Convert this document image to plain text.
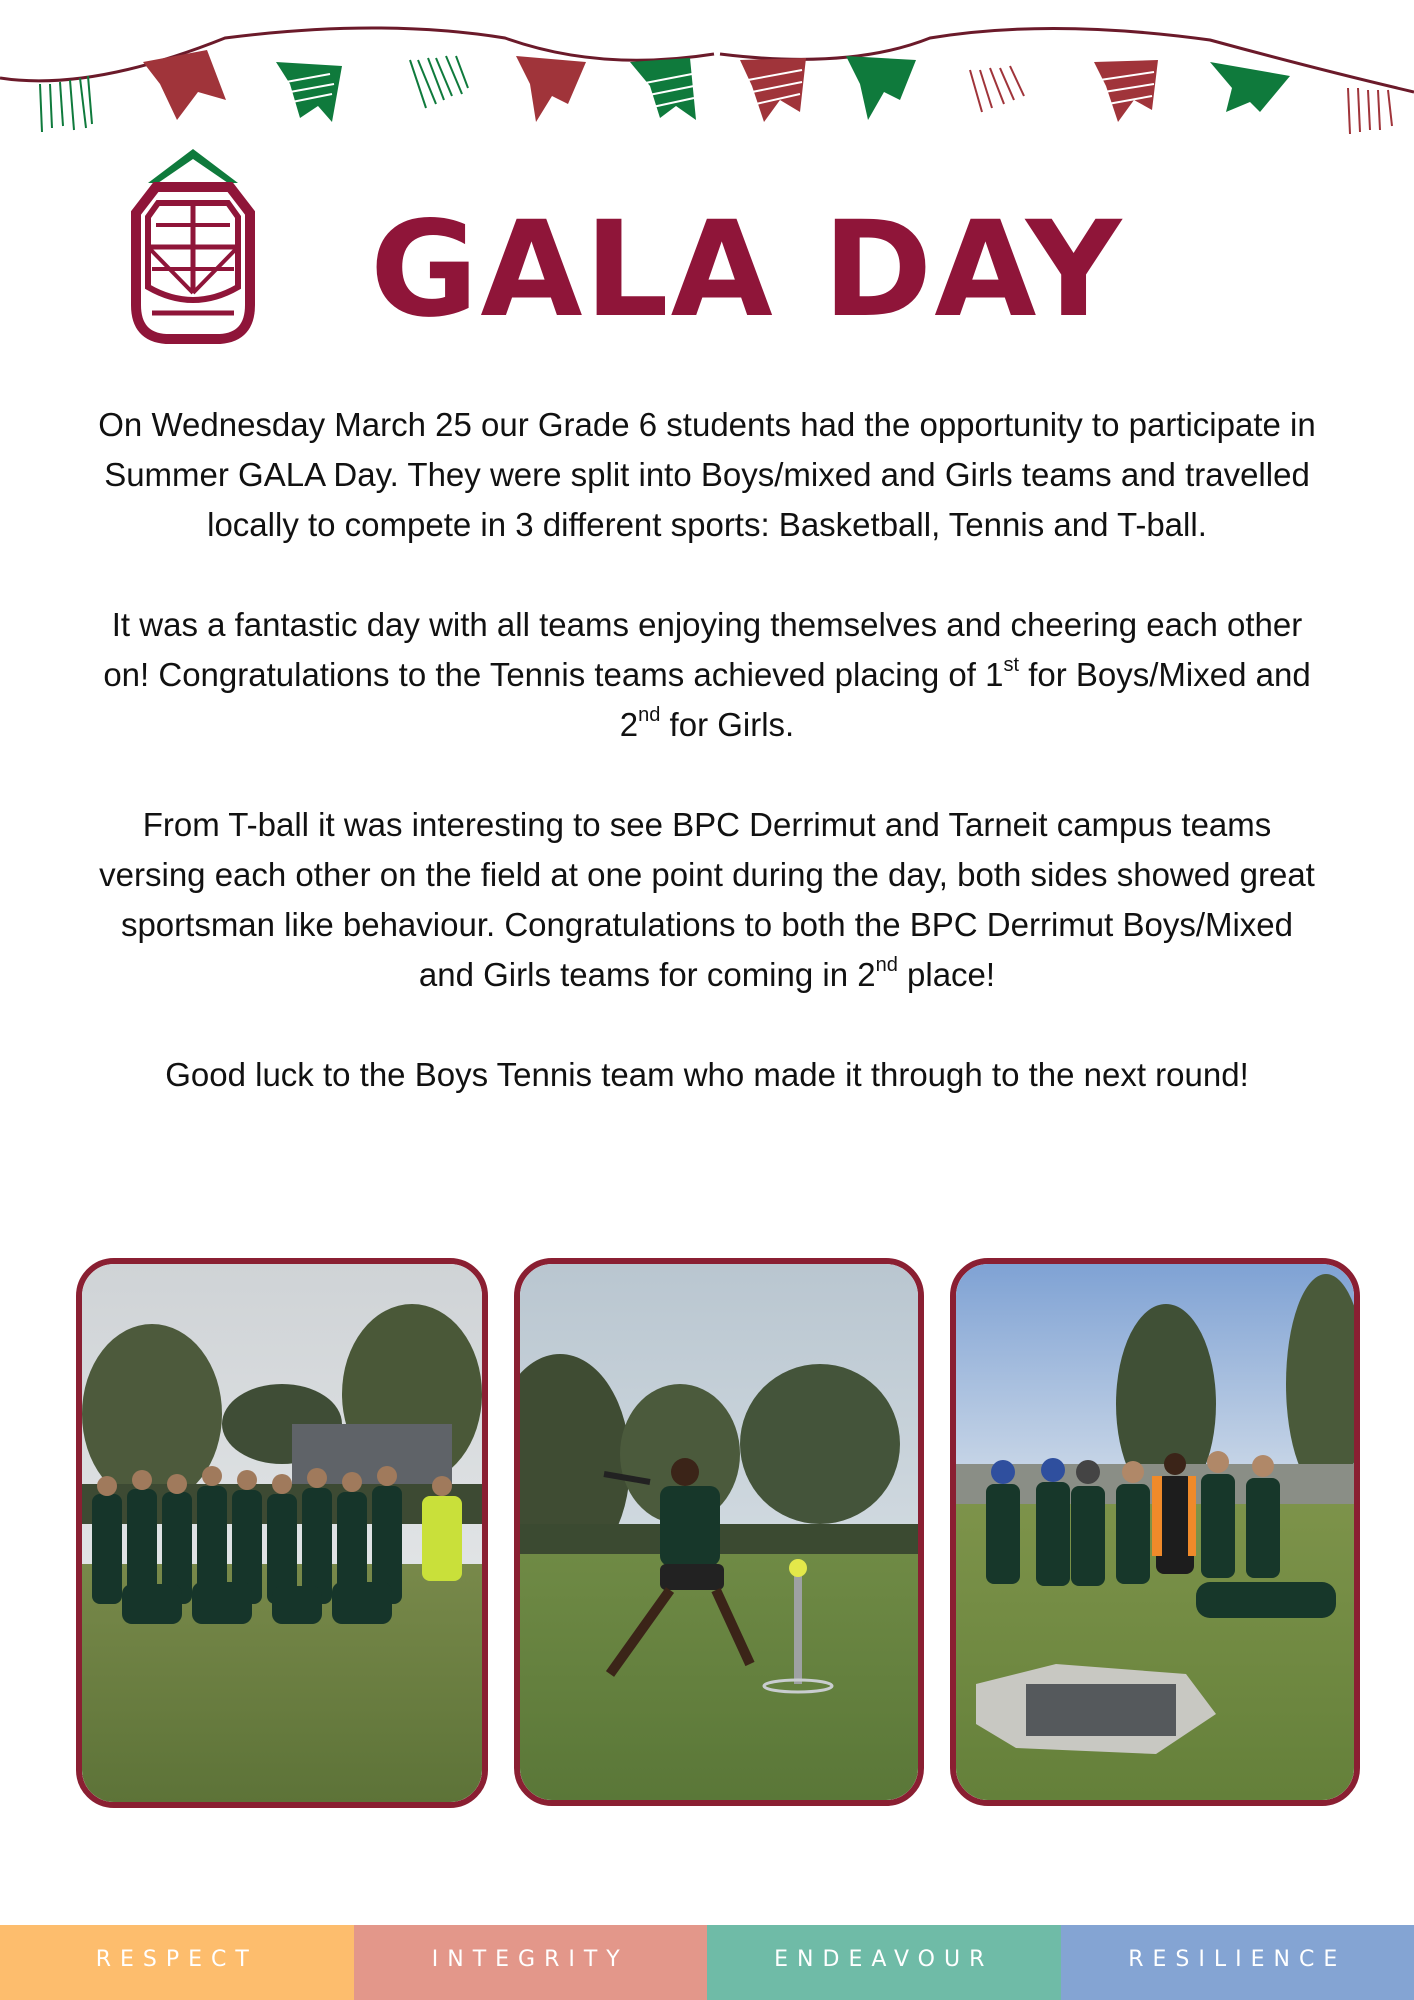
GALA DAY

On Wednesday March 25 our Grade 6 students had the opportunity to participate in Summer GALA Day. They were split into Boys/mixed and Girls teams and travelled locally to compete in 3 different sports: Basketball, Tennis and T-ball.

It was a fantastic day with all teams enjoying themselves and cheering each other on! Congratulations to the Tennis teams achieved placing of 1st for Boys/Mixed and 2nd for Girls.

From T-ball it was interesting to see BPC Derrimut and Tarneit campus teams versing each other on the field at one point during the day, both sides showed great sportsman like behaviour. Congratulations to both the BPC Derrimut Boys/Mixed and Girls teams for coming in 2nd place!

Good luck to the Boys Tennis team who made it through to the next round!

RESPECT	INTEGRITY	ENDEAVOUR	RESILIENCE
